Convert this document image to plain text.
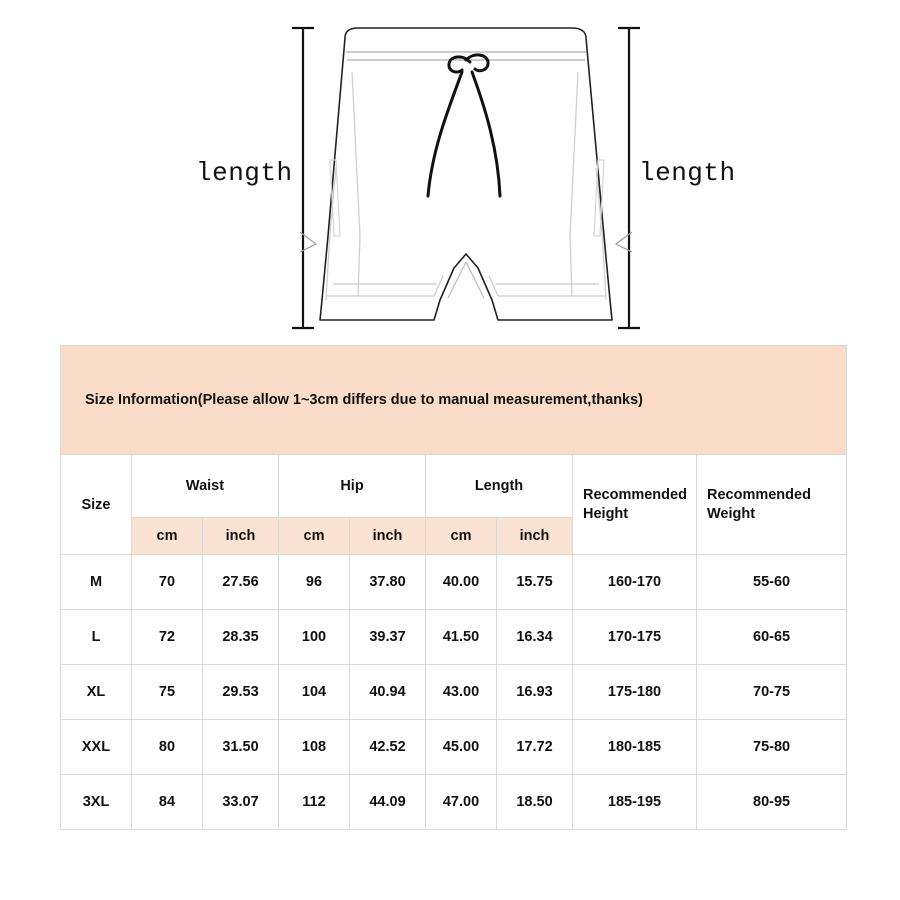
length	length
Size Information(Please allow 1~3cm differs due to manual measurement,thanks)								
Size	Waist		Hip		Length		Recommended Height	Recommended Weight
	cm	inch	cm	inch	cm	inch		
M	70	27.56	96	37.80	40.00	15.75	160-170	55-60
L	72	28.35	100	39.37	41.50	16.34	170-175	60-65
XL	75	29.53	104	40.94	43.00	16.93	175-180	70-75
XXL	80	31.50	108	42.52	45.00	17.72	180-185	75-80
3XL	84	33.07	112	44.09	47.00	18.50	185-195	80-95
